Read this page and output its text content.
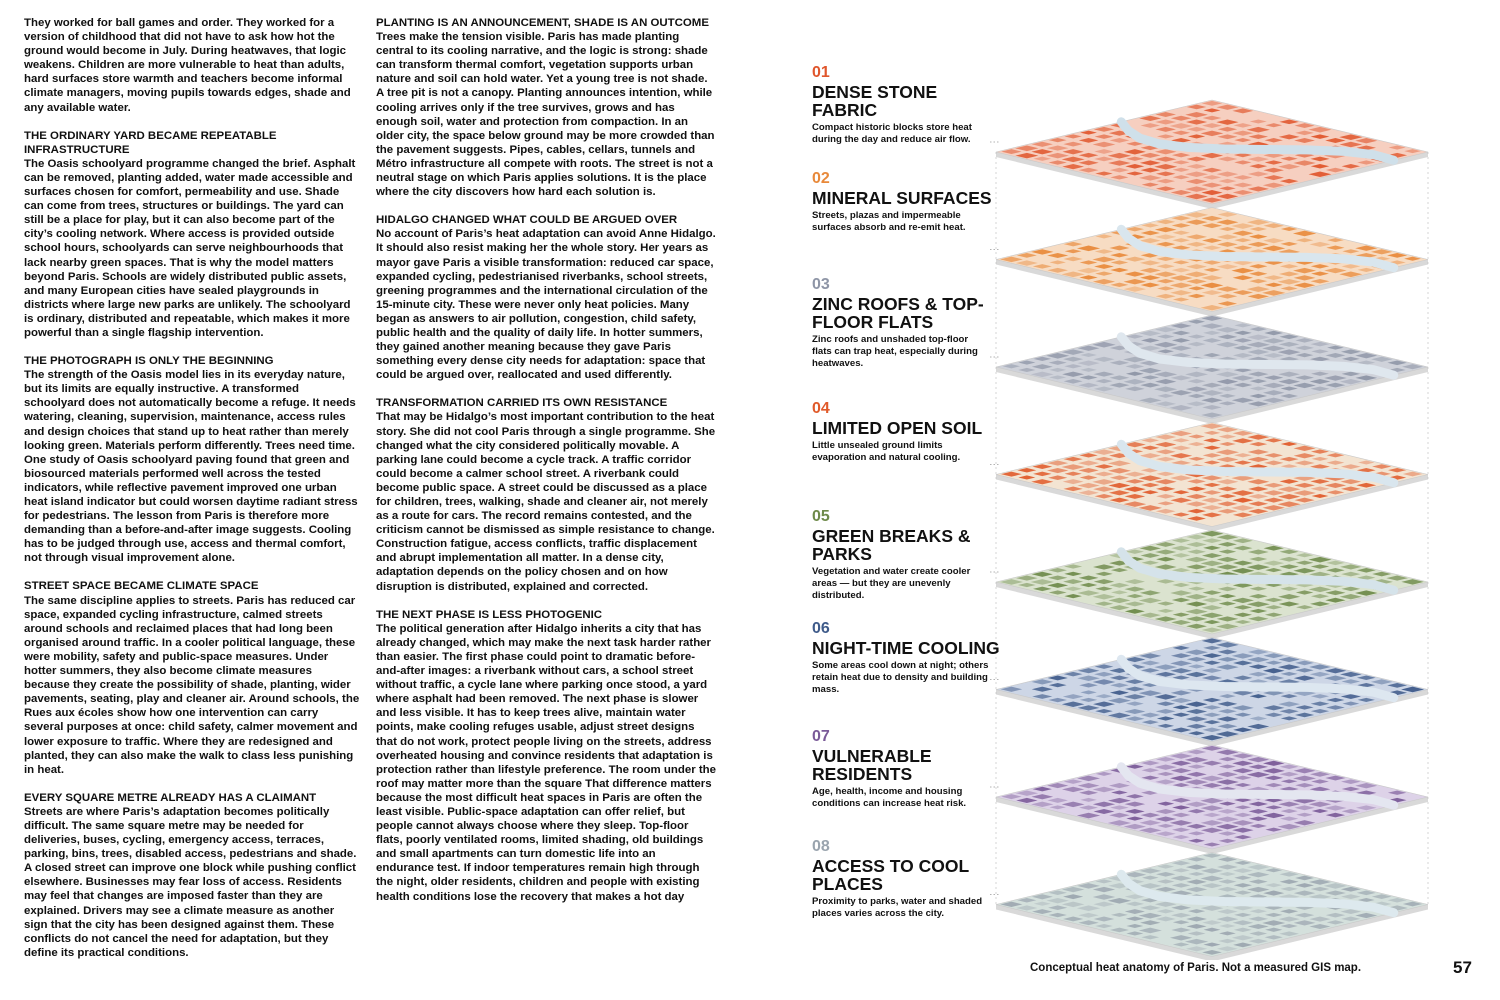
They worked for ball games and order. They worked for a version of childhood that did not have to ask how hot the ground would become in July. During heatwaves, that logic weakens. Children are more vulnerable to heat than adults, hard surfaces store warmth and teachers become informal climate managers, moving pupils towards edges, shade and any available water.

THE ORDINARY YARD BECAME REPEATABLE INFRASTRUCTURE

The Oasis schoolyard programme changed the brief. Asphalt can be removed, planting added, water made accessible and surfaces chosen for comfort, permeability and use. Shade can come from trees, structures or buildings. The yard can still be a place for play, but it can also become part of the city’s cooling network. Where access is provided outside school hours, schoolyards can serve neighbourhoods that lack nearby green spaces. That is why the model matters beyond Paris. Schools are widely distributed public assets, and many European cities have sealed playgrounds in districts where large new parks are unlikely. The schoolyard is ordinary, distributed and repeatable, which makes it more powerful than a single flagship intervention.

THE PHOTOGRAPH IS ONLY THE BEGINNING

The strength of the Oasis model lies in its everyday nature, but its limits are equally instructive. A transformed schoolyard does not automatically become a refuge. It needs watering, cleaning, supervision, maintenance, access rules and design choices that stand up to heat rather than merely looking green. Materials perform differently. Trees need time. One study of Oasis schoolyard paving found that green and biosourced materials performed well across the tested indicators, while reflective pavement improved one urban heat island indicator but could worsen daytime radiant stress for pedestrians. The lesson from Paris is therefore more demanding than a before-and-after image suggests. Cooling has to be judged through use, access and thermal comfort, not through visual improvement alone.

STREET SPACE BECAME CLIMATE SPACE

The same discipline applies to streets. Paris has reduced car space, expanded cycling infrastructure, calmed streets around schools and reclaimed places that had long been organised around traffic. In a cooler political language, these were mobility, safety and public-space measures. Under hotter summers, they also become climate measures because they create the possibility of shade, planting, wider pavements, seating, play and cleaner air. Around schools, the Rues aux écoles show how one intervention can carry several purposes at once: child safety, calmer movement and lower exposure to traffic. Where they are redesigned and planted, they can also make the walk to class less punishing in heat.

EVERY SQUARE METRE ALREADY HAS A CLAIMANT

Streets are where Paris’s adaptation becomes politically difficult. The same square metre may be needed for deliveries, buses, cycling, emergency access, terraces, parking, bins, trees, disabled access, pedestrians and shade. A closed street can improve one block while pushing conflict elsewhere. Businesses may fear loss of access. Residents may feel that changes are imposed faster than they are explained. Drivers may see a climate measure as another sign that the city has been designed against them. These conflicts do not cancel the need for adaptation, but they define its practical conditions.

PLANTING IS AN ANNOUNCEMENT, SHADE IS AN OUTCOME

Trees make the tension visible. Paris has made planting central to its cooling narrative, and the logic is strong: shade can transform thermal comfort, vegetation supports urban nature and soil can hold water. Yet a young tree is not shade. A tree pit is not a canopy. Planting announces intention, while cooling arrives only if the tree survives, grows and has enough soil, water and protection from compaction. In an older city, the space below ground may be more crowded than the pavement suggests. Pipes, cables, cellars, tunnels and Métro infrastructure all compete with roots. The street is not a neutral stage on which Paris applies solutions. It is the place where the city discovers how hard each solution is.

HIDALGO CHANGED WHAT COULD BE ARGUED OVER

No account of Paris’s heat adaptation can avoid Anne Hidalgo. It should also resist making her the whole story. Her years as mayor gave Paris a visible transformation: reduced car space, expanded cycling, pedestrianised riverbanks, school streets, greening programmes and the international circulation of the 15-minute city. These were never only heat policies. Many began as answers to air pollution, congestion, child safety, public health and the quality of daily life. In hotter summers, they gained another meaning because they gave Paris something every dense city needs for adaptation: space that could be argued over, reallocated and used differently.

TRANSFORMATION CARRIED ITS OWN RESISTANCE

That may be Hidalgo’s most important contribution to the heat story. She did not cool Paris through a single programme. She changed what the city considered politically movable. A parking lane could become a cycle track. A traffic corridor could become a calmer school street. A riverbank could become public space. A street could be discussed as a place for children, trees, walking, shade and cleaner air, not merely as a route for cars. The record remains contested, and the criticism cannot be dismissed as simple resistance to change. Construction fatigue, access conflicts, traffic displacement and abrupt implementation all matter. In a dense city, adaptation depends on the policy chosen and on how disruption is distributed, explained and corrected.

THE NEXT PHASE IS LESS PHOTOGENIC

The political generation after Hidalgo inherits a city that has already changed, which may make the next task harder rather than easier. The first phase could point to dramatic before-and-after images: a riverbank without cars, a school street without traffic, a cycle lane where parking once stood, a yard where asphalt had been removed. The next phase is slower and less visible. It has to keep trees alive, maintain water points, make cooling refuges usable, adjust street designs that do not work, protect people living on the streets, address overheated housing and convince residents that adaptation is protection rather than lifestyle preference. The room under the roof may matter more than the square That difference matters because the most difficult heat spaces in Paris are often the least visible. Public-space adaptation can offer relief, but people cannot always choose where they sleep. Top-floor flats, poorly ventilated rooms, limited shading, old buildings and small apartments can turn domestic life into an endurance test. If indoor temperatures remain high through the night, older residents, children and people with existing health conditions lose the recovery that makes a hot day

01
DENSE STONE FABRIC
Compact historic blocks store heat during the day and reduce air flow.
02
MINERAL SURFACES
Streets, plazas and impermeable surfaces absorb and re-emit heat.
03
ZINC ROOFS & TOP-FLOOR FLATS
Zinc roofs and unshaded top-floor flats can trap heat, especially during heatwaves.
04
LIMITED OPEN SOIL
Little unsealed ground limits evaporation and natural cooling.
05
GREEN BREAKS & PARKS
Vegetation and water create cooler areas — but they are unevenly distributed.
06
NIGHT-TIME COOLING
Some areas cool down at night; others retain heat due to density and building mass.
07
VULNERABLE RESIDENTS
Age, health, income and housing conditions can increase heat risk.
08
ACCESS TO COOL PLACES
Proximity to parks, water and shaded places varies across the city.
Conceptual heat anatomy of Paris. Not a measured GIS map.	57
